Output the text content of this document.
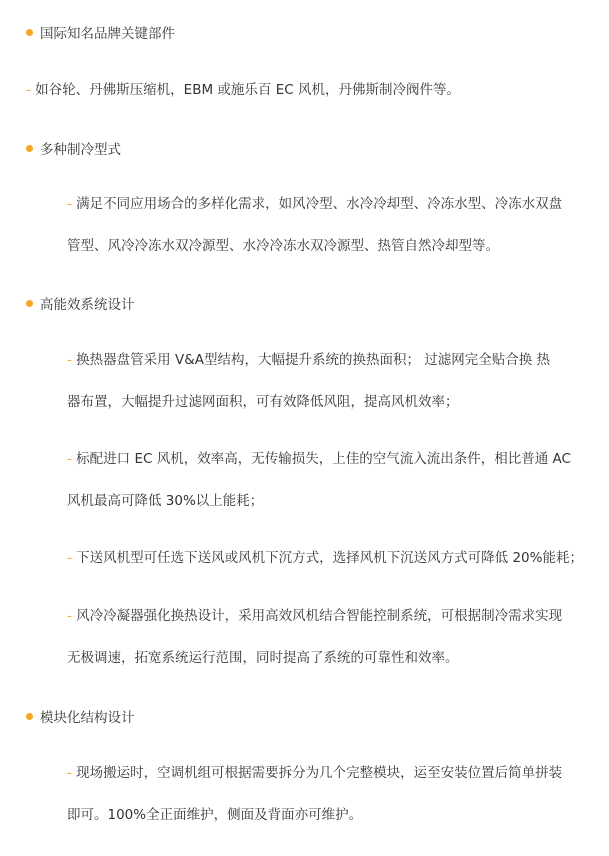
国际知名品牌关键部件
- 如谷轮、丹佛斯压缩机，EBM 或施乐百 EC 风机，丹佛斯制冷阀件等。
多种制冷型式
- 满足不同应用场合的多样化需求，如风冷型、水冷冷却型、冷冻水型、冷冻水双盘
管型、风冷冷冻水双冷源型、水冷冷冻水双冷源型、热管自然冷却型等。
高能效系统设计
- 换热器盘管采用 V&A型结构，大幅提升系统的换热面积； 过滤网完全贴合换 热
器布置，大幅提升过滤网面积，可有效降低风阻，提高风机效率；
- 标配进口 EC 风机，效率高，无传输损失，上佳的空气流入流出条件，相比普通 AC
风机最高可降低 30%以上能耗；
- 下送风机型可任选下送风或风机下沉方式，选择风机下沉送风方式可降低 20%能耗；
- 风冷冷凝器强化换热设计，采用高效风机结合智能控制系统，可根据制冷需求实现
无极调速，拓宽系统运行范围，同时提高了系统的可靠性和效率。
模块化结构设计
- 现场搬运时，空调机组可根据需要拆分为几个完整模块，运至安装位置后简单拼装
即可。100%全正面维护，侧面及背面亦可维护。
